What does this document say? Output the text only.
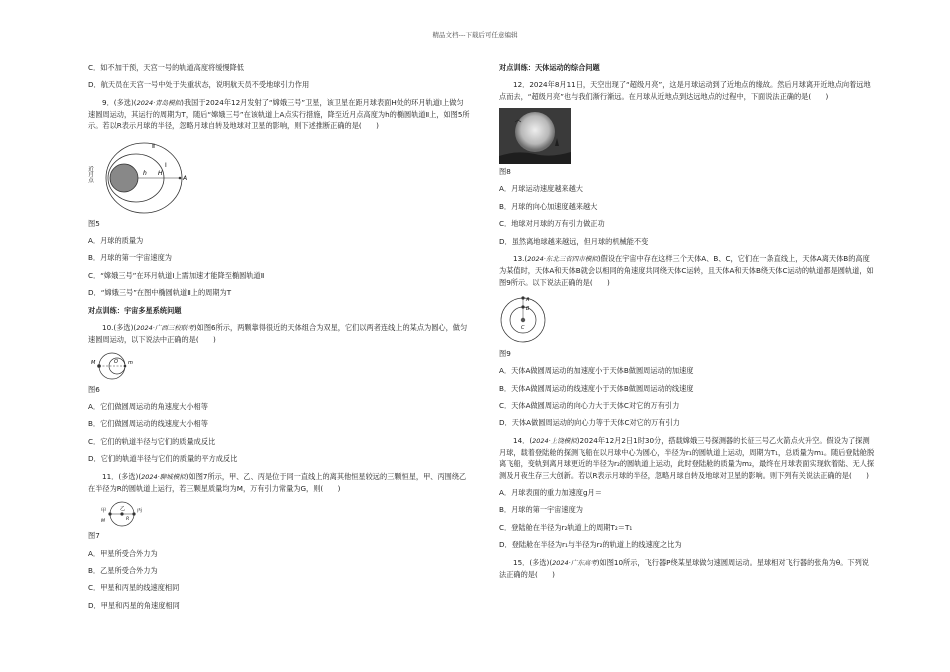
精品文档---下载后可任意编辑

C．如不加干预，天宫一号的轨道高度将缓慢降低

D．航天员在天宫一号中处于失重状态，说明航天员不受地球引力作用

9．(多选)(2024·青岛模拟)我国于2024年12月发射了“嫦娥三号”卫星，该卫星在距月球表面H处的环月轨道Ⅰ上做匀速圆周运动，其运行的周期为T，随后“嫦娥三号”在该轨道上A点实行措施，降至近月点高度为h的椭圆轨道Ⅱ上，如图5所示。若以R表示月球的半径，忽略月球自转及地球对卫星的影响，则下述推断正确的是(　　)

Ⅱ
Ⅰ
H
h
A
近月点
图5

A．月球的质量为

B．月球的第一宇宙速度为

C．“嫦娥三号”在环月轨道Ⅰ上需加速才能降至椭圆轨道Ⅱ

D．“嫦娥三号”在图中椭圆轨道Ⅱ上的周期为T

对点训练：宇宙多星系统问题

10.(多选)(2024·广西三校联考)如图6所示，两颗靠得很近的天体组合为双星，它们以两者连线上的某点为圆心，做匀速圆周运动，以下说法中正确的是(　　)

M	O m
图6

A．它们做圆周运动的角速度大小相等

B．它们做圆周运动的线速度大小相等

C．它们的轨道半径与它们的质量成反比

D．它们的轨道半径与它们的质量的平方成反比

11．(多选)(2024·聊城模拟)如图7所示，甲、乙、丙是位于同一直线上的离其他恒星较远的三颗恒星，甲、丙围绕乙在半径为R的圆轨道上运行，若三颗星质量均为M，万有引力常量为G，则(　　)

甲	乙 丙
M	R
图7

A．甲星所受合外力为

B．乙星所受合外力为

C．甲星和丙星的线速度相同

D．甲星和丙星的角速度相同

对点训练：天体运动的综合问题

12．2024年8月11日，天空出现了“超级月亮”，这是月球运动到了近地点的缘故。然后月球离开近地点向着远地点而去，“超级月亮”也与我们渐行渐远。在月球从近地点到达远地点的过程中，下面说法正确的是(　　)

图8

A．月球运动速度越来越大

B．月球的向心加速度越来越大

C．地球对月球的万有引力做正功

D．虽然离地球越来越远，但月球的机械能不变

13.(2024·东北三省四市模拟)假设在宇宙中存在这样三个天体A、B、C，它们在一条直线上，天体A离天体B的高度为某值时，天体A和天体B就会以相同的角速度共同绕天体C运转，且天体A和天体B绕天体C运动的轨道都是圆轨道，如图9所示。以下说法正确的是(　　)

A
B
C
图9

A．天体A做圆周运动的加速度小于天体B做圆周运动的加速度

B．天体A做圆周运动的线速度小于天体B做圆周运动的线速度

C．天体A做圆周运动的向心力大于天体C对它的万有引力

D．天体A做圆周运动的向心力等于天体C对它的万有引力

14．(2024·上饶模拟)2024年12月2日1时30分，搭载嫦娥三号探测器的长征三号乙火箭点火升空。假设为了探测月球，载着登陆舱的探测飞船在以月球中心为圆心，半径为r₁的圆轨道上运动，周期为T₁，总质量为m₁。随后登陆舱脱离飞船，变轨到离月球更近的半径为r₂的圆轨道上运动，此时登陆舱的质量为m₂，最终在月球表面实现软着陆、无人探测及月夜生存三大创新。若以R表示月球的半径，忽略月球自转及地球对卫星的影响。则下列有关说法正确的是(　　)

A．月球表面的重力加速度g月＝

B．月球的第一宇宙速度为

C．登陆舱在半径为r₂轨道上的周期T₂＝T₁

D．登陆舱在半径为r₁与半径为r₂的轨道上的线速度之比为

15．(多选)(2024·广东高考)如图10所示，飞行器P绕某星球做匀速圆周运动。星球相对飞行器的张角为θ。下列说法正确的是(　　)
